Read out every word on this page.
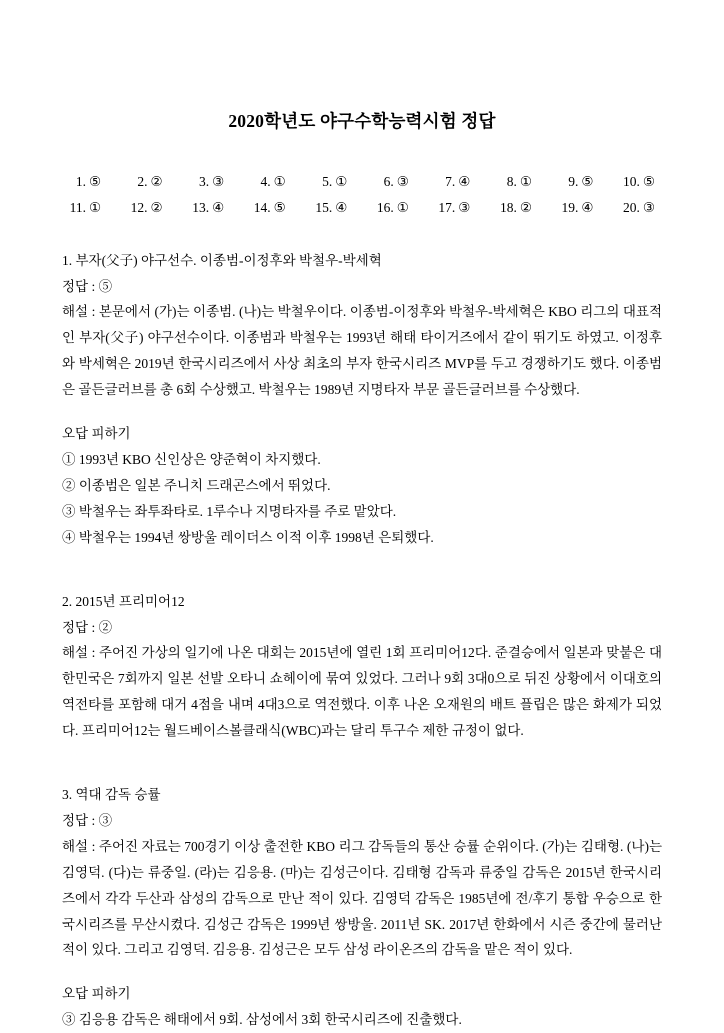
2020학년도 야구수학능력시험 정답
1. ⑤	2. ②	3. ③	4. ①	5. ①	6. ③	7. ④	8. ①	9. ⑤	10. ⑤
11. ①	12. ②	13. ④	14. ⑤	15. ④	16. ①	17. ③	18. ②	19. ④	20. ③

1. 부자(父子) 야구선수. 이종범-이정후와 박철우-박세혁

정답 : ⑤

해설 : 본문에서 (가)는 이종범. (나)는 박철우이다. 이종범-이정후와 박철우-박세혁은 KBO 리그의 대표적인 부자(父子) 야구선수이다. 이종범과 박철우는 1993년 해태 타이거즈에서 같이 뛰기도 하였고. 이정후와 박세혁은 2019년 한국시리즈에서 사상 최초의 부자 한국시리즈 MVP를 두고 경쟁하기도 했다. 이종범은 골든글러브를 총 6회 수상했고. 박철우는 1989년 지명타자 부문 골든글러브를 수상했다.

오답 피하기

① 1993년 KBO 신인상은 양준혁이 차지했다.

② 이종범은 일본 주니치 드래곤스에서 뛰었다.

③ 박철우는 좌투좌타로. 1루수나 지명타자를 주로 맡았다.

④ 박철우는 1994년 쌍방울 레이더스 이적 이후 1998년 은퇴했다.

2. 2015년 프리미어12

정답 : ②

해설 : 주어진 가상의 일기에 나온 대회는 2015년에 열린 1회 프리미어12다. 준결승에서 일본과 맞붙은 대한민국은 7회까지 일본 선발 오타니 쇼헤이에 묶여 있었다. 그러나 9회 3대0으로 뒤진 상황에서 이대호의 역전타를 포함해 대거 4점을 내며 4대3으로 역전했다. 이후 나온 오재원의 배트 플립은 많은 화제가 되었다. 프리미어12는 월드베이스볼클래식(WBC)과는 달리 투구수 제한 규정이 없다.

3. 역대 감독 승률

정답 : ③

해설 : 주어진 자료는 700경기 이상 출전한 KBO 리그 감독들의 통산 승률 순위이다. (가)는 김태형. (나)는 김영덕. (다)는 류중일. (라)는 김응용. (마)는 김성근이다. 김태형 감독과 류중일 감독은 2015년 한국시리즈에서 각각 두산과 삼성의 감독으로 만난 적이 있다. 김영덕 감독은 1985년에 전/후기 통합 우승으로 한국시리즈를 무산시켰다. 김성근 감독은 1999년 쌍방울. 2011년 SK. 2017년 한화에서 시즌 중간에 물러난 적이 있다. 그리고 김영덕. 김응용. 김성근은 모두 삼성 라이온즈의 감독을 맡은 적이 있다.

오답 피하기

③ 김응용 감독은 해태에서 9회. 삼성에서 3회 한국시리즈에 진출했다.
